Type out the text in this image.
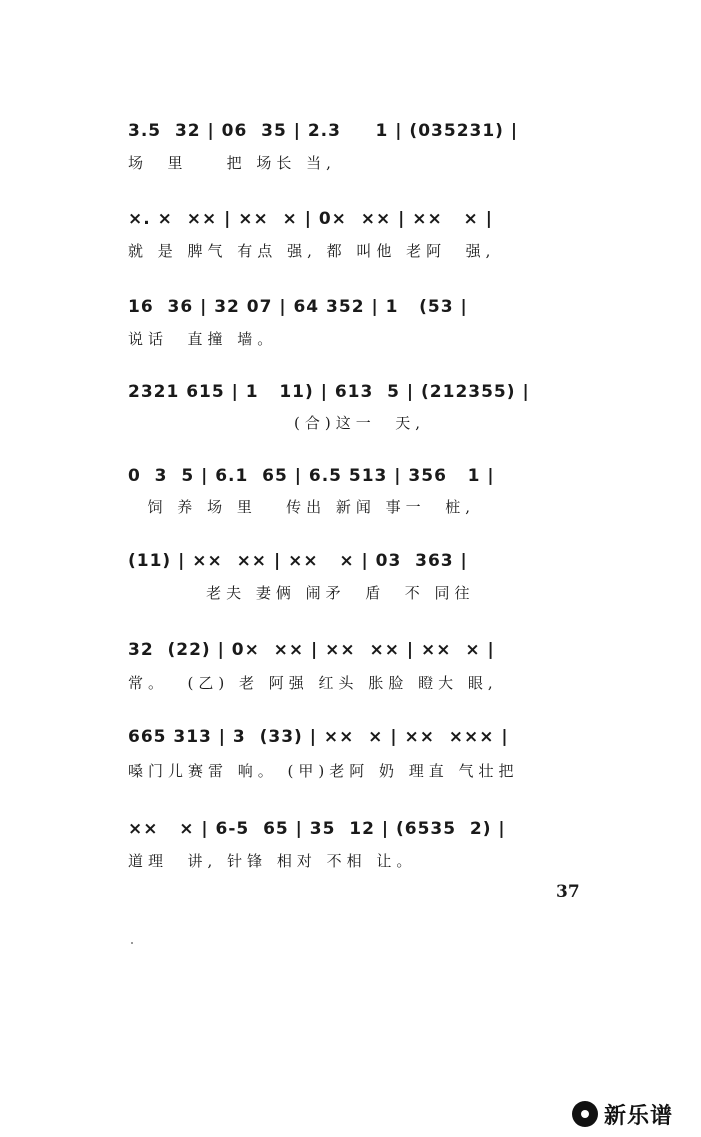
3.5  32 | 06  35 | 2.3     1 | (035231) |
场  里    把 场长 当,
×. ×  ×× | ××  × | 0×  ×× | ××   × |
就 是 脾气 有点 强, 都 叫他 老阿  强,
16  36 | 32 07 | 64 352 | 1   (53 |
说话  直撞 墙。
2321 615 | 1   11) | 613  5 | (212355) |
(合)这一  天,
0  3  5 | 6.1  65 | 6.5 513 | 356   1 |
饲 养 场 里   传出 新闻 事一  桩,
(11) | ××  ×× | ××   × | 03  363 |
老夫 妻俩 闹矛  盾  不 同往
32  (22) | 0×  ×× | ××  ×× | ××  × |
常。  (乙) 老 阿强 红头 胀脸 瞪大 眼,
665 313 | 3  (33) | ××  × | ××  ××× |
嗓门儿赛雷 响。 (甲)老阿 奶 理直 气壮把
××   × | 6-5  65 | 35  12 | (6535  2) |
道理  讲, 针锋 相对 不相 让。
37
新乐谱
